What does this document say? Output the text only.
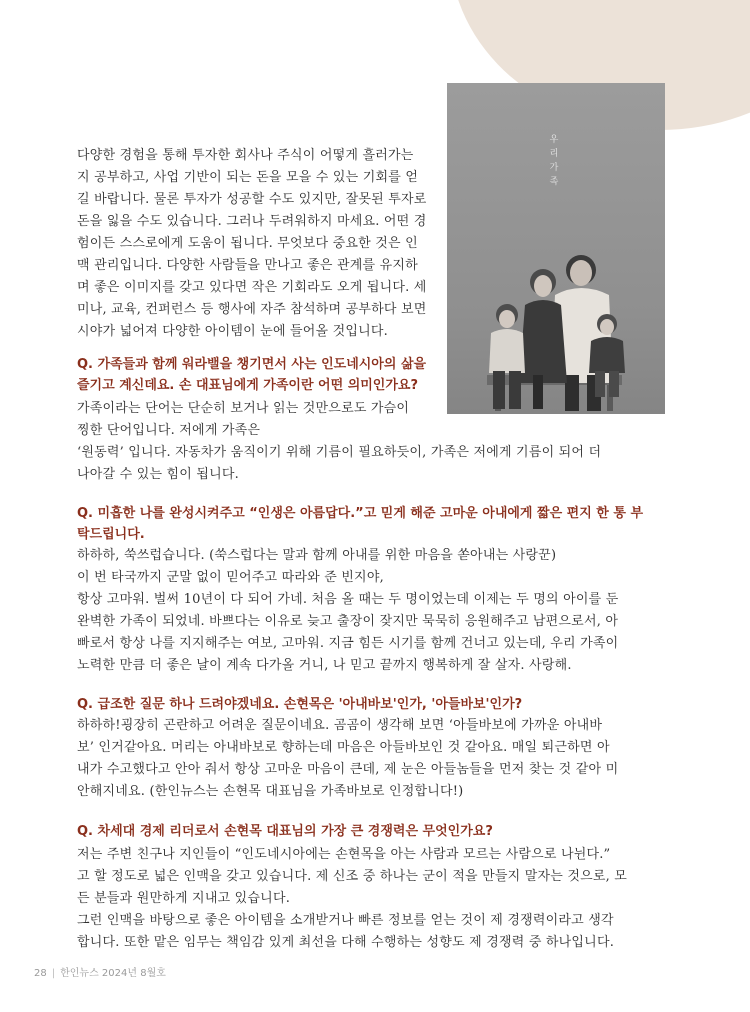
우
리
가
족
다양한 경험을 통해 투자한 회사나 주식이 어떻게 흘러가는
지 공부하고, 사업 기반이 되는 돈을 모을 수 있는 기회를 얻
길 바랍니다. 물론 투자가 성공할 수도 있지만, 잘못된 투자로
돈을 잃을 수도 있습니다. 그러나 두려워하지 마세요. 어떤 경
험이든 스스로에게 도움이 됩니다. 무엇보다 중요한 것은 인
맥 관리입니다. 다양한 사람들을 만나고 좋은 관계를 유지하
며 좋은 이미지를 갖고 있다면 작은 기회라도 오게 됩니다. 세
미나, 교육, 컨퍼런스 등 행사에 자주 참석하며 공부하다 보면
시야가 넓어져 다양한 아이템이 눈에 들어올 것입니다.
Q. 가족들과 함께 워라밸을 챙기면서 사는 인도네시아의 삶을
즐기고 계신데요. 손 대표님에게 가족이란 어떤 의미인가요?
가족이라는 단어는 단순히 보거나 읽는 것만으로도 가슴이
찡한 단어입니다. 저에게 가족은
‘원동력’ 입니다. 자동차가 움직이기 위해 기름이 필요하듯이, 가족은 저에게 기름이 되어 더
나아갈 수 있는 힘이 됩니다.
Q. 미흡한 나를 완성시켜주고 “인생은 아름답다.”고 믿게 해준 고마운 아내에게 짧은 편지 한 통 부
탁드립니다.
하하하, 쑥쓰럽습니다. (쑥스럽다는 말과 함께 아내를 위한 마음을 쏟아내는 사랑꾼)
이 번 타국까지 군말 없이 믿어주고 따라와 준 빈지야,
항상 고마워. 벌써 10년이 다 되어 가네. 처음 올 때는 두 명이었는데 이제는 두 명의 아이를 둔
완벽한 가족이 되었네. 바쁘다는 이유로 늦고 출장이 잦지만 묵묵히 응원해주고 남편으로서, 아
빠로서 항상 나를 지지해주는 여보, 고마워. 지금 힘든 시기를 함께 건너고 있는데, 우리 가족이
노력한 만큼 더 좋은 날이 계속 다가올 거니, 나 믿고 끝까지 행복하게 잘 살자. 사랑해.
Q. 급조한 질문 하나 드려야겠네요. 손현목은 '아내바보'인가, '아들바보'인가?
하하하!굉장히 곤란하고 어려운 질문이네요. 곰곰이 생각해 보면 ‘아들바보에 가까운 아내바
보’ 인거같아요. 머리는 아내바보로 향하는데 마음은 아들바보인 것 같아요. 매일 퇴근하면 아
내가 수고했다고 안아 줘서 항상 고마운 마음이 큰데, 제 눈은 아들놈들을 먼저 찾는 것 같아 미
안해지네요. (한인뉴스는 손현목 대표님을 가족바보로 인정합니다!)
Q. 차세대 경제 리더로서 손현목 대표님의 가장 큰 경쟁력은 무엇인가요?
저는 주변 친구나 지인들이 “인도네시아에는 손현목을 아는 사람과 모르는 사람으로 나뉜다.”
고 할 정도로 넓은 인맥을 갖고 있습니다. 제 신조 중 하나는 군이 적을 만들지 말자는 것으로, 모
든 분들과 원만하게 지내고 있습니다.
그런 인맥을 바탕으로 좋은 아이템을 소개받거나 빠른 정보를 얻는 것이 제 경쟁력이라고 생각
합니다. 또한 맡은 임무는 책임감 있게 최선을 다해 수행하는 성향도 제 경쟁력 중 하나입니다.
28 | 한인뉴스 2024년 8월호
